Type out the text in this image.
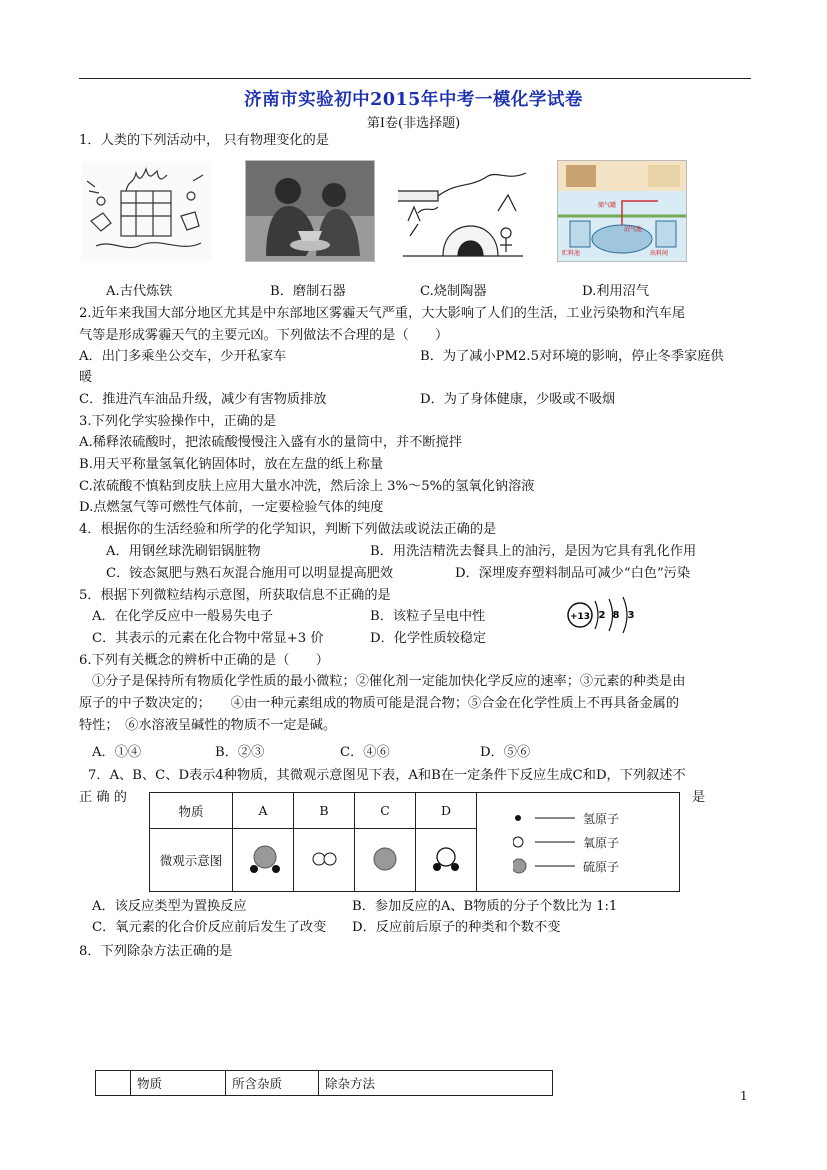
济南市实验初中2015年中考一模化学试卷
第Ⅰ卷(非选择题)
1．人类的下列活动中， 只有物理变化的是
沼气池
储气罐
贮料池	出料间
A.古代炼铁	B．磨制石器	C.烧制陶器	D.利用沼气
2.近年来我国大部分地区尤其是中东部地区雾霾天气严重，大大影响了人们的生活，工业污染物和汽车尾
气等是形成雾霾天气的主要元凶。下列做法不合理的是（　　）
A．出门多乘坐公交车，少开私家车	B．为了减小PM2.5对环境的影响，停止冬季家庭供
暖
C．推进汽车油品升级，减少有害物质排放	D．为了身体健康，少吸或不吸烟
3.下列化学实验操作中，正确的是
A.稀释浓硫酸时，把浓硫酸慢慢注入盛有水的量筒中，并不断搅拌
B.用天平称量氢氧化钠固体时，放在左盘的纸上称量
C.浓硫酸不慎粘到皮肤上应用大量水冲洗，然后涂上 3%～5%的氢氧化钠溶液
D.点燃氢气等可燃性气体前，一定要检验气体的纯度
4．根据你的生活经验和所学的化学知识，判断下列做法或说法正确的是
A．用钢丝球洗刷铝锅脏物	B．用洗洁精洗去餐具上的油污，是因为它具有乳化作用
C．铵态氮肥与熟石灰混合施用可以明显提高肥效	D．深埋废弃塑料制品可减少“白色”污染
5．根据下列微粒结构示意图，所获取信息不正确的是
A．在化学反应中一般易失电子	B．该粒子呈电中性
C．其表示的元素在化合物中常显+3 价	D．化学性质较稳定
+13 2 8 3
6.下列有关概念的辨析中正确的是（　　）
①分子是保持所有物质化学性质的最小微粒；②催化剂一定能加快化学反应的速率；③元素的种类是由
原子的中子数决定的；　　④由一种元素组成的物质可能是混合物；⑤合金在化学性质上不再具备金属的
特性；　⑥水溶液呈碱性的物质不一定是碱。
A．①④	B．②③	C．④⑥	D．⑤⑥
7．A、B、C、D表示4种物质，其微观示意图见下表，A和B在一定条件下反应生成C和D，下列叙述不
正 确 的	是
物质	A	B	C	D	氢原子
氧原子
硫原子

微观示意图				
A．该反应类型为置换反应	B．参加反应的A、B物质的分子个数比为 1:1
C．氧元素的化合价反应前后发生了改变 D．反应前后原子的种类和个数不变
8．下列除杂方法正确的是
	物质	所含杂质	除杂方法
1
